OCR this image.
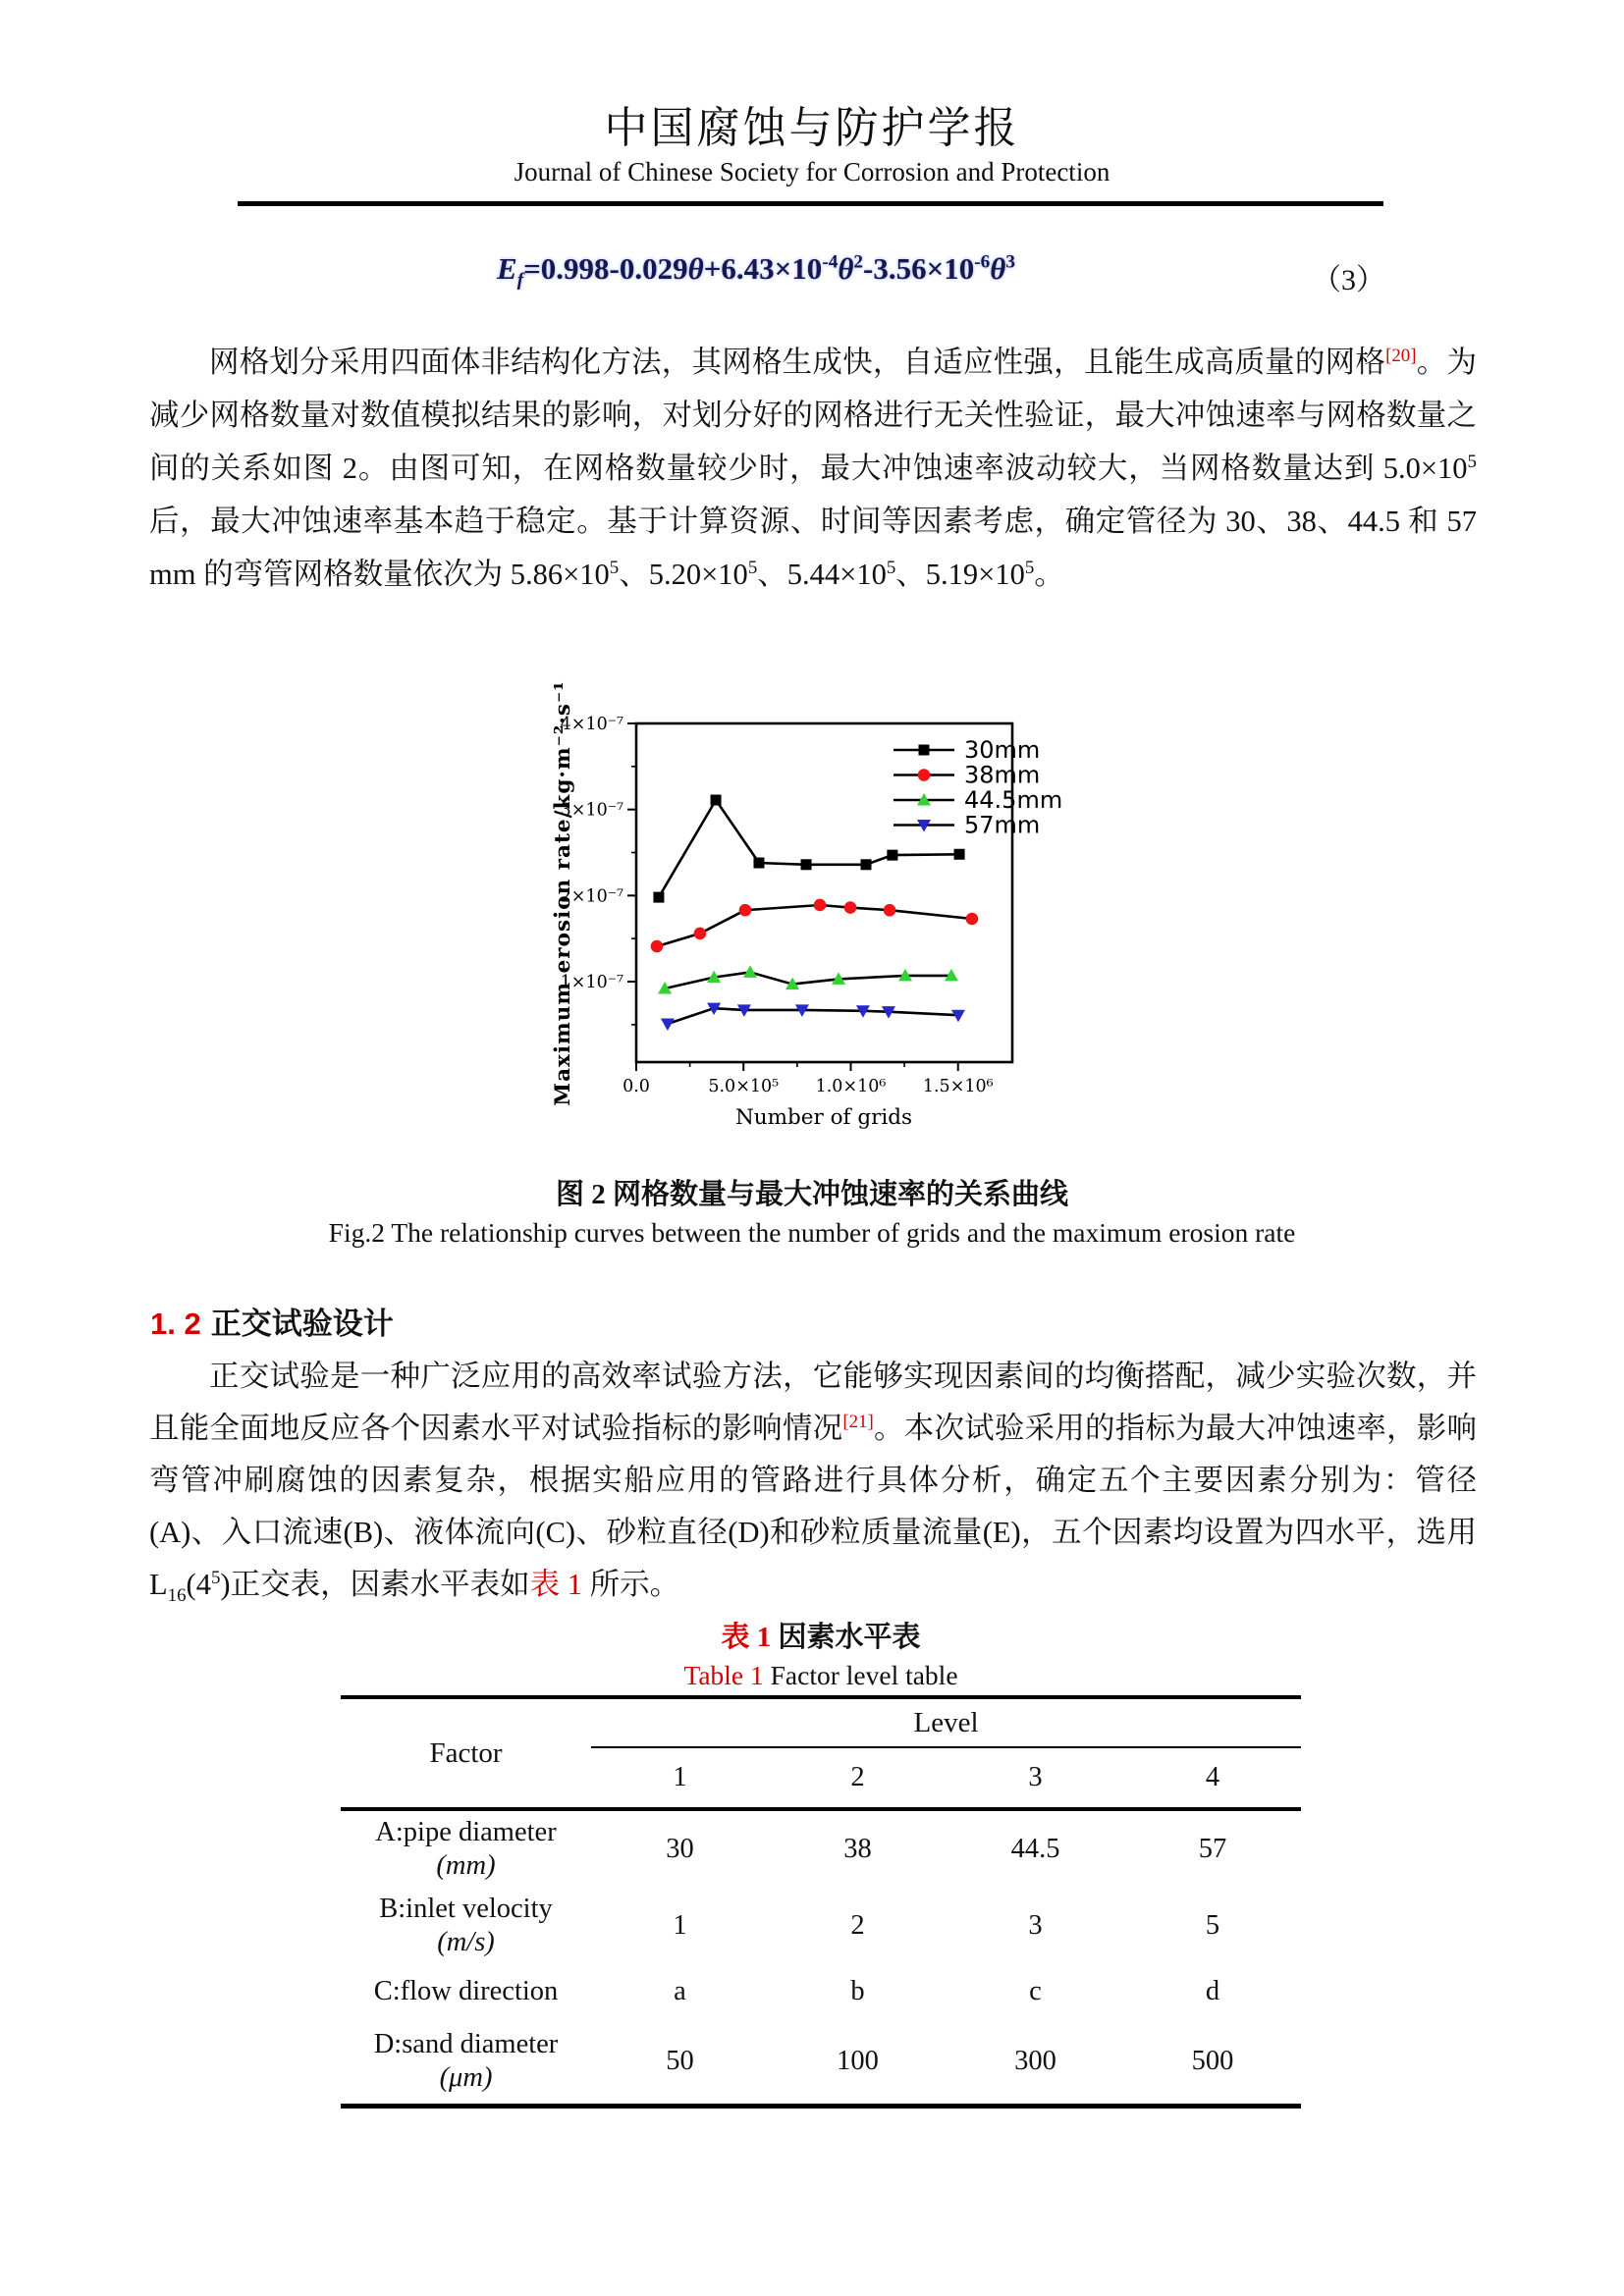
中国腐蚀与防护学报
Journal of Chinese Society for Corrosion and Protection
$E_f=0.998-0.029\theta+6.43\times 10^{-4}\theta^2-3.56\times 10^{-6}\theta^3$
（3）
网格划分采用四面体非结构化方法，其网格生成快，自适应性强，且能生成高质量的网格[20]。为减少网格数量对数值模拟结果的影响，对划分好的网格进行无关性验证，最大冲蚀速率与网格数量之间的关系如图 2。由图可知，在网格数量较少时，最大冲蚀速率波动较大，当网格数量达到 $5.0\times 10^5$ 后，最大冲蚀速率基本趋于稳定。基于计算资源、时间等因素考虑，确定管径为 30、38、44.5 和 57 mm 的弯管网格数量依次为 $5.86\times 10^5$、$5.20\times 10^5$、$5.44\times 10^5$、$5.19\times 10^5$。
0.0	5.0×10⁵ 1.0×10⁶ 1.5×10⁶
Number of grids
1×10⁻⁷
2×10⁻⁷
3×10⁻⁷
4×10⁻⁷
Maximum erosion rate/kg·m⁻²·s⁻¹	30mm
38mm
44.5mm
57mm
图 2 网格数量与最大冲蚀速率的关系曲线
Fig.2 The relationship curves between the number of grids and the maximum erosion rate
1. 2 正交试验设计
正交试验是一种广泛应用的高效率试验方法，它能够实现因素间的均衡搭配，减少实验次数，并且能全面地反应各个因素水平对试验指标的影响情况[21]。本次试验采用的指标为最大冲蚀速率，影响弯管冲刷腐蚀的因素复杂，根据实船应用的管路进行具体分析，确定五个主要因素分别为：管径(A)、入口流速(B)、液体流向(C)、砂粒直径(D)和砂粒质量流量(E)，五个因素均设置为四水平，选用 $L_{16}(4^5)$正交表，因素水平表如表 1 所示。
表 1 因素水平表
Table 1 Factor level table
Factor	Level			
	1	2	3	4

A:pipe diameter
(mm)	30	38	44.5	57

B:inlet velocity
(m/s)	1	2	3	5

C:flow direction	a	b	c	d

D:sand diameter
(μm)	50	100	300	500
